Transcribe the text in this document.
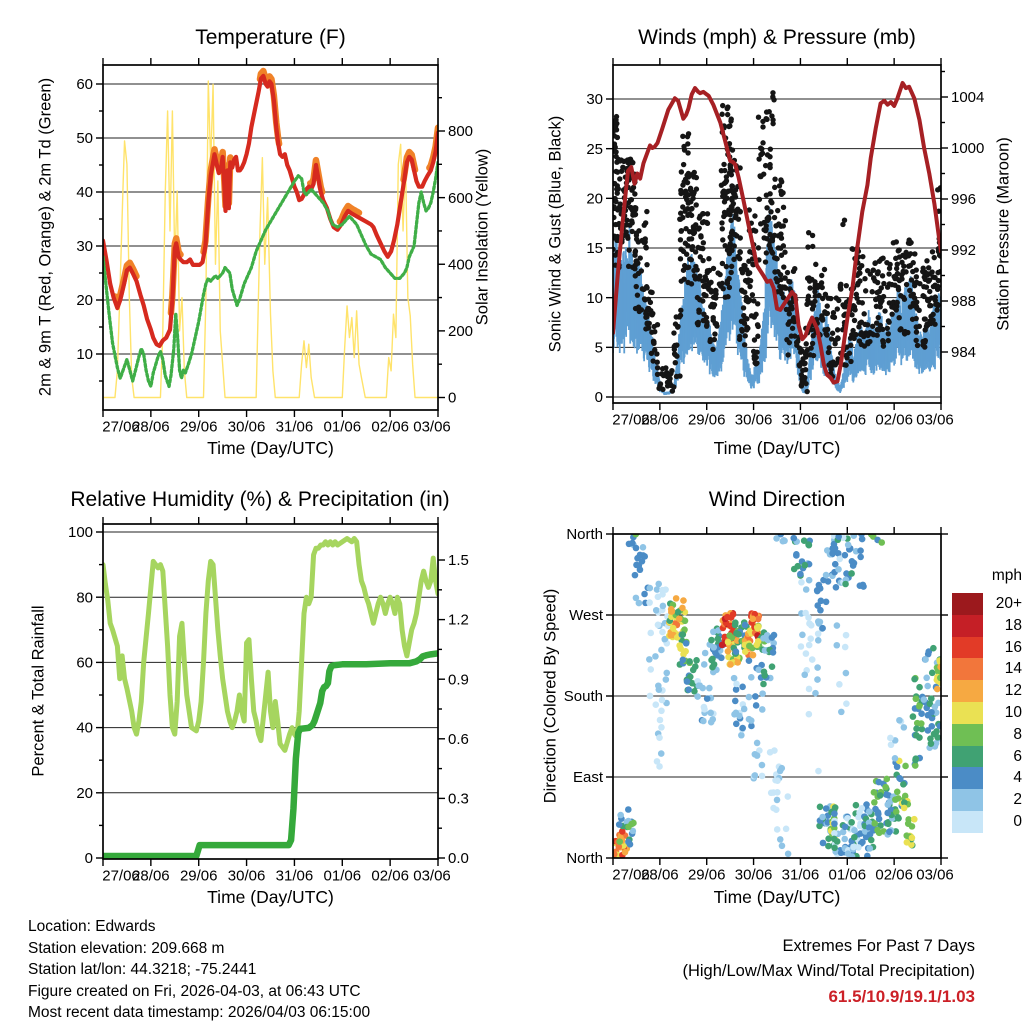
Temperature (F)	Winds (mph) & Pressure (mb)
Relative Humidity (%) & Precipitation (in)	Wind Direction
2m & 9m T (Red, Orange) & 2m Td (Green)	Solar Insolation (Yellow)	Sonic Wind & Gust (Blue, Black)	Station Pressure (Maroon)
Percent & Total Rainfall	Direction (Colored By Speed)
Time (Day/UTC)	Time (Day/UTC)
Time (Day/UTC)	Time (Day/UTC)
mph
20+
18
16
14
12
10
8
6
4
2
0
Location: Edwards
Station elevation: 209.668 m
Station lat/lon: 44.3218; -75.2441
Figure created on Fri, 2026-04-03, at 06:43 UTC
Most recent data timestamp: 2026/04/03 06:15:00
Extremes For Past 7 Days
(High/Low/Max Wind/Total Precipitation)
61.5/10.9/19.1/1.03
